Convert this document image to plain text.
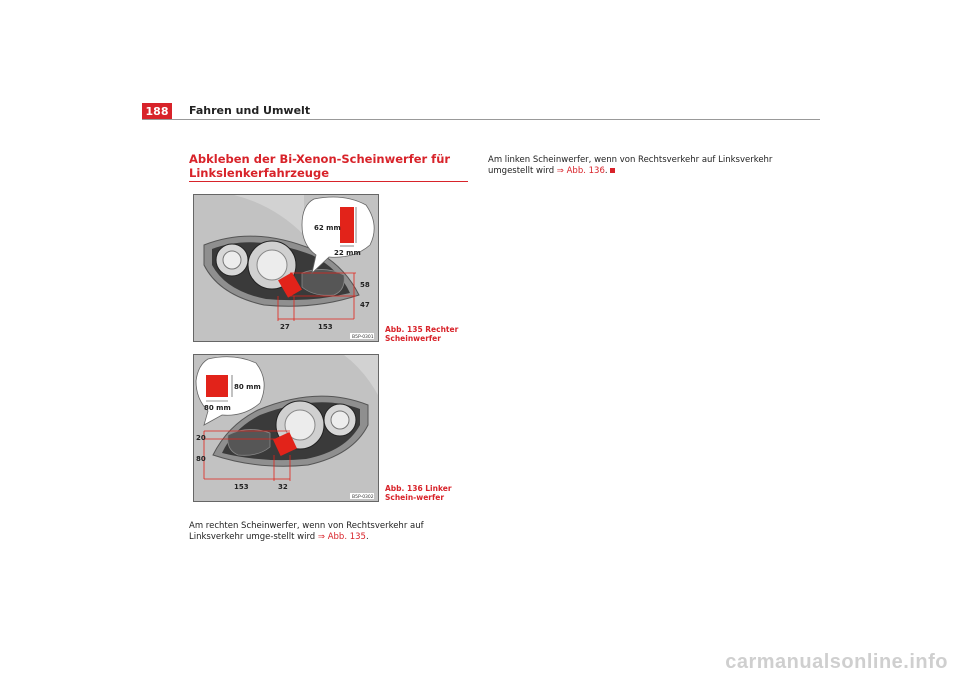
188	Fahren und Umwelt
Abkleben der Bi-Xenon-Scheinwerfer für Linkslenkerfahrzeuge
62 mm
22 mm
58
47
27	153
B5P-0301
Abb. 135 Rechter Scheinwerfer
80 mm
80 mm
20
80
153	32
B5P-0302
Abb. 136 Linker Schein-werfer
Am rechten Scheinwerfer, wenn von Rechtsverkehr auf Linksverkehr umge-stellt wird ⇒ Abb. 135.
Am linken Scheinwerfer, wenn von Rechtsverkehr auf Linksverkehr umgestellt wird ⇒ Abb. 136.
carmanualsonline.info
